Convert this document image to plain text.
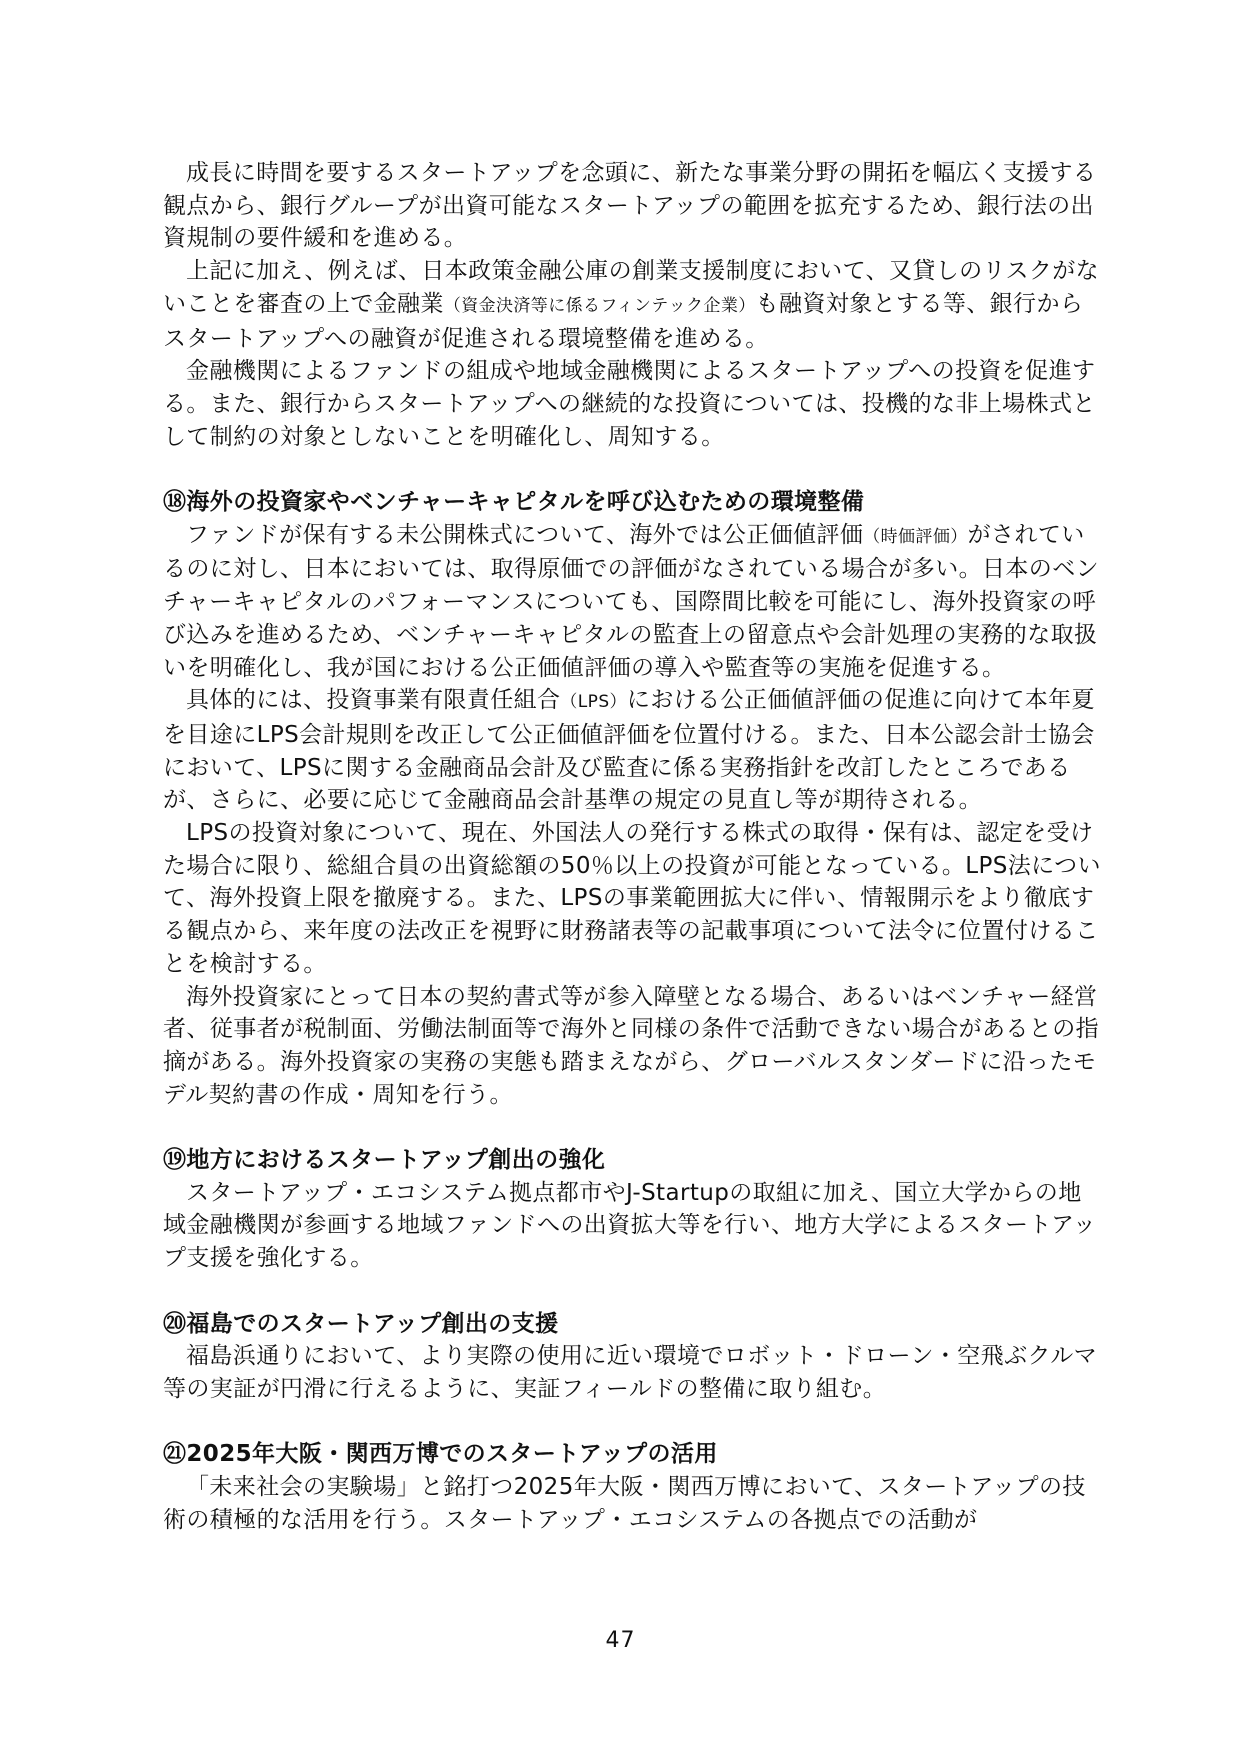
成長に時間を要するスタートアップを念頭に、新たな事業分野の開拓を幅広く支援する観点から、銀行グループが出資可能なスタートアップの範囲を拡充するため、銀行法の出資規制の要件緩和を進める。

上記に加え、例えば、日本政策金融公庫の創業支援制度において、又貸しのリスクがないことを審査の上で金融業（資金決済等に係るフィンテック企業）も融資対象とする等、銀行からスタートアップへの融資が促進される環境整備を進める。

金融機関によるファンドの組成や地域金融機関によるスタートアップへの投資を促進する。また、銀行からスタートアップへの継続的な投資については、投機的な非上場株式として制約の対象としないことを明確化し、周知する。

⑱海外の投資家やベンチャーキャピタルを呼び込むための環境整備

ファンドが保有する未公開株式について、海外では公正価値評価（時価評価）がされているのに対し、日本においては、取得原価での評価がなされている場合が多い。日本のベンチャーキャピタルのパフォーマンスについても、国際間比較を可能にし、海外投資家の呼び込みを進めるため、ベンチャーキャピタルの監査上の留意点や会計処理の実務的な取扱いを明確化し、我が国における公正価値評価の導入や監査等の実施を促進する。

具体的には、投資事業有限責任組合（LPS）における公正価値評価の促進に向けて本年夏を目途にLPS会計規則を改正して公正価値評価を位置付ける。また、日本公認会計士協会において、LPSに関する金融商品会計及び監査に係る実務指針を改訂したところであるが、さらに、必要に応じて金融商品会計基準の規定の見直し等が期待される。

LPSの投資対象について、現在、外国法人の発行する株式の取得・保有は、認定を受けた場合に限り、総組合員の出資総額の50％以上の投資が可能となっている。LPS法について、海外投資上限を撤廃する。また、LPSの事業範囲拡大に伴い、情報開示をより徹底する観点から、来年度の法改正を視野に財務諸表等の記載事項について法令に位置付けることを検討する。

海外投資家にとって日本の契約書式等が参入障壁となる場合、あるいはベンチャー経営者、従事者が税制面、労働法制面等で海外と同様の条件で活動できない場合があるとの指摘がある。海外投資家の実務の実態も踏まえながら、グローバルスタンダードに沿ったモデル契約書の作成・周知を行う。

⑲地方におけるスタートアップ創出の強化

スタートアップ・エコシステム拠点都市やJ-Startupの取組に加え、国立大学からの地域金融機関が参画する地域ファンドへの出資拡大等を行い、地方大学によるスタートアップ支援を強化する。

⑳福島でのスタートアップ創出の支援

福島浜通りにおいて、より実際の使用に近い環境でロボット・ドローン・空飛ぶクルマ等の実証が円滑に行えるように、実証フィールドの整備に取り組む。

㉑2025年大阪・関西万博でのスタートアップの活用

「未来社会の実験場」と銘打つ2025年大阪・関西万博において、スタートアップの技術の積極的な活用を行う。スタートアップ・エコシステムの各拠点での活動が

47
